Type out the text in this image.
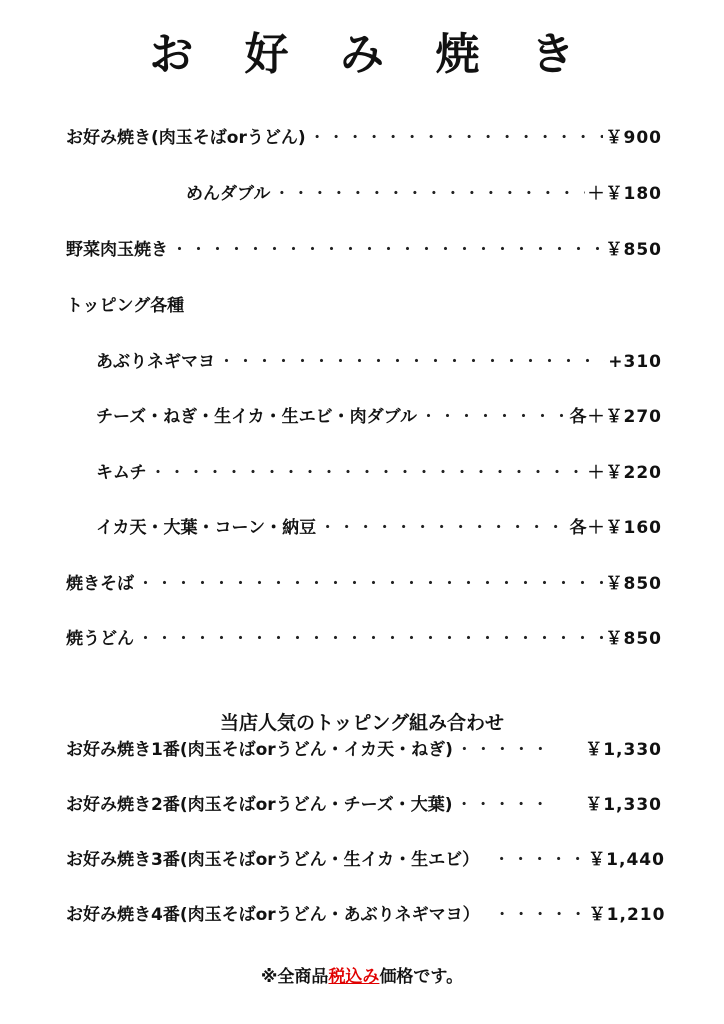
お 好 み 焼 き
お好み焼き(肉玉そばorうどん) ・・・・・・・・・・・・・・・・・・・・・・・・・・・・・・・・・・・・・・・・・・・・・・・・・・・・・・・・・・・・・・・・	￥900
めんダブル ・・・・・・・・・・・・・・・・・・・・・・・・・・・・・・・・・・・・・・・・・・・・・・・・・・・・・・・・・・・・・・・・	＋￥180
野菜肉玉焼き ・・・・・・・・・・・・・・・・・・・・・・・・・・・・・・・・・・・・・・・・・・・・・・・・・・・・・・・・・・・・・・・・	￥850
トッピング各種
あぶりネギマヨ ・・・・・・・・・・・・・・・・・・・・・・・・・・・・・・・・・・・・・・・・・・・・・・・・・・・・・・・・・・・・・・・・	+310
チーズ・ねぎ・生イカ・生エビ・肉ダブル ・・・・・・・・・・・・・・・・・・・・・・・・・・・・・・・・・・・・・・・・・・・・・・・・・・・・・・・・・・・・・・・・	各＋￥270
キムチ ・・・・・・・・・・・・・・・・・・・・・・・・・・・・・・・・・・・・・・・・・・・・・・・・・・・・・・・・・・・・・・・・	＋￥220
イカ天・大葉・コーン・納豆 ・・・・・・・・・・・・・・・・・・・・・・・・・・・・・・・・・・・・・・・・・・・・・・・・・・・・・・・・・・・・・・・・	各＋￥160
焼きそば ・・・・・・・・・・・・・・・・・・・・・・・・・・・・・・・・・・・・・・・・・・・・・・・・・・・・・・・・・・・・・・・・	￥850
焼うどん ・・・・・・・・・・・・・・・・・・・・・・・・・・・・・・・・・・・・・・・・・・・・・・・・・・・・・・・・・・・・・・・・	￥850
当店人気のトッピング組み合わせ
お好み焼き1番(肉玉そばorうどん・イカ天・ねぎ) ・・・・・	￥1,330
お好み焼き2番(肉玉そばorうどん・チーズ・大葉) ・・・・・	￥1,330
お好み焼き3番(肉玉そばorうどん・生イカ・生エビ） ・・・・・	￥1,440
お好み焼き4番(肉玉そばorうどん・あぶりネギマヨ） ・・・・・	￥1,210
※全商品税込み価格です。
